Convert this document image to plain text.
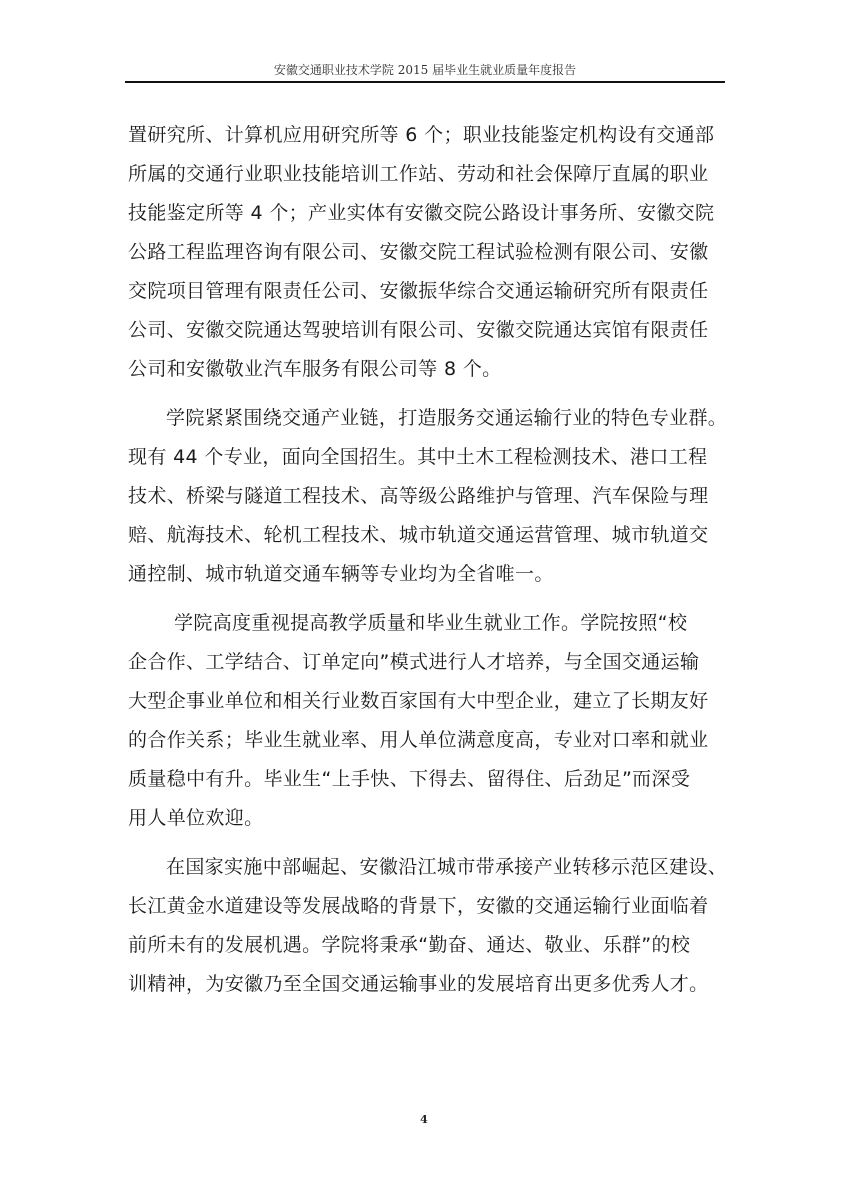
安徽交通职业技术学院 2015 届毕业生就业质量年度报告

置研究所、计算机应用研究所等 6 个；职业技能鉴定机构设有交通部
所属的交通行业职业技能培训工作站、劳动和社会保障厅直属的职业
技能鉴定所等 4 个；产业实体有安徽交院公路设计事务所、安徽交院
公路工程监理咨询有限公司、安徽交院工程试验检测有限公司、安徽
交院项目管理有限责任公司、安徽振华综合交通运输研究所有限责任
公司、安徽交院通达驾驶培训有限公司、安徽交院通达宾馆有限责任
公司和安徽敬业汽车服务有限公司等 8 个。

学院紧紧围绕交通产业链，打造服务交通运输行业的特色专业群。
现有 44 个专业，面向全国招生。其中土木工程检测技术、港口工程
技术、桥梁与隧道工程技术、高等级公路维护与管理、汽车保险与理
赔、航海技术、轮机工程技术、城市轨道交通运营管理、城市轨道交
通控制、城市轨道交通车辆等专业均为全省唯一。

学院高度重视提高教学质量和毕业生就业工作。学院按照“校
企合作、工学结合、订单定向”模式进行人才培养，与全国交通运输
大型企事业单位和相关行业数百家国有大中型企业，建立了长期友好
的合作关系；毕业生就业率、用人单位满意度高，专业对口率和就业
质量稳中有升。毕业生“上手快、下得去、留得住、后劲足”而深受
用人单位欢迎。

在国家实施中部崛起、安徽沿江城市带承接产业转移示范区建设、
长江黄金水道建设等发展战略的背景下，安徽的交通运输行业面临着
前所未有的发展机遇。学院将秉承“勤奋、通达、敬业、乐群”的校
训精神，为安徽乃至全国交通运输事业的发展培育出更多优秀人才。

4
